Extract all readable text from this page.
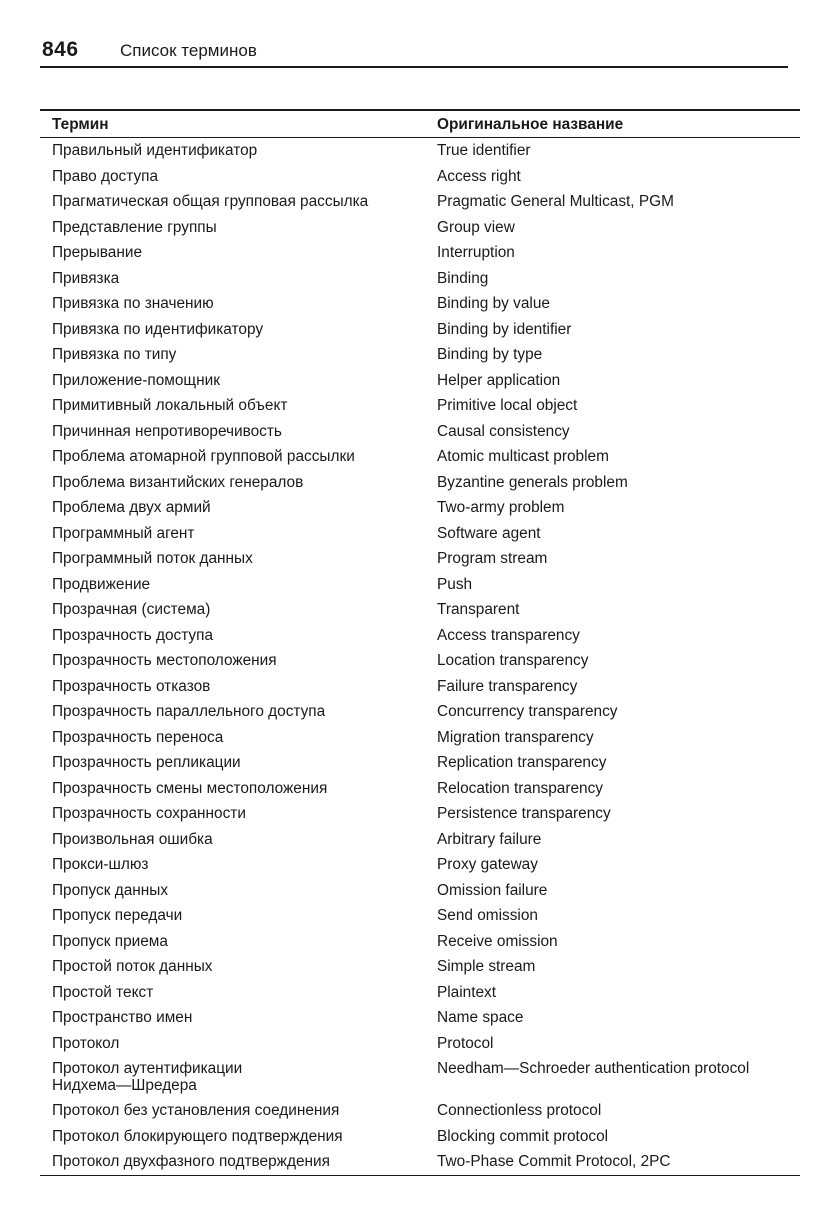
846 Список терминов
Термин	Оригинальное название

Правильный идентификатор	True identifier

Право доступа	Access right

Прагматическая общая групповая рассылка	Pragmatic General Multicast, PGM

Представление группы	Group view

Прерывание	Interruption

Привязка	Binding

Привязка по значению	Binding by value

Привязка по идентификатору	Binding by identifier

Привязка по типу	Binding by type

Приложение-помощник	Helper application

Примитивный локальный объект	Primitive local object

Причинная непротиворечивость	Causal consistency

Проблема атомарной групповой рассылки	Atomic multicast problem

Проблема византийских генералов	Byzantine generals problem

Проблема двух армий	Two-army problem

Программный агент	Software agent

Программный поток данных	Program stream

Продвижение	Push

Прозрачная (система)	Transparent

Прозрачность доступа	Access transparency

Прозрачность местоположения	Location transparency

Прозрачность отказов	Failure transparency

Прозрачность параллельного доступа	Concurrency transparency

Прозрачность переноса	Migration transparency

Прозрачность репликации	Replication transparency

Прозрачность смены местоположения	Relocation transparency

Прозрачность сохранности	Persistence transparency

Произвольная ошибка	Arbitrary failure

Прокси-шлюз	Proxy gateway

Пропуск данных	Omission failure

Пропуск передачи	Send omission

Пропуск приема	Receive omission

Простой поток данных	Simple stream

Простой текст	Plaintext

Пространство имен	Name space

Протокол	Protocol

Протокол аутентификации
Нидхема—Шредера	Needham—Schroeder authentication protocol

Протокол без установления соединения	Connectionless protocol

Протокол блокирующего подтверждения	Blocking commit protocol

Протокол двухфазного подтверждения	Two-Phase Commit Protocol, 2PC
